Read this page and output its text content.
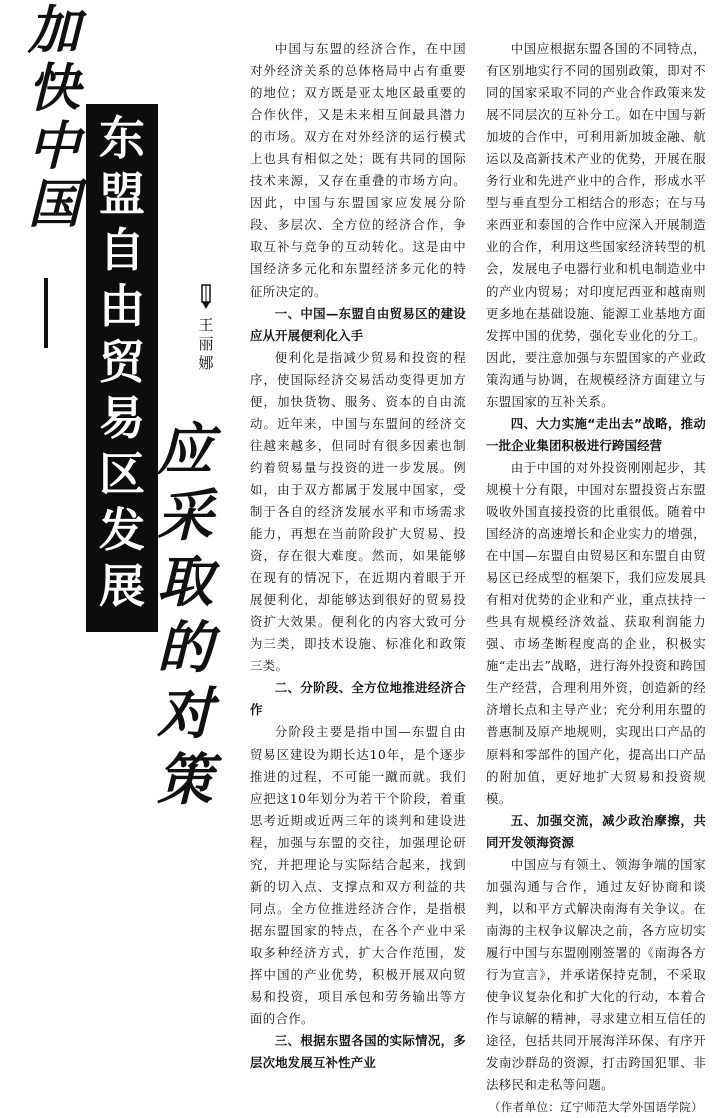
加
快
中
国
东
盟
自
由
贸
易
区
发
展
应
采
取
的
对
策
王
丽
娜

中国与东盟的经济合作，在中国对外经济关系的总体格局中占有重要的地位；双方既是亚太地区最重要的合作伙伴，又是未来相互间最具潜力的市场。双方在对外经济的运行模式上也具有相似之处；既有共同的国际技术来源，又存在重叠的市场方向。因此，中国与东盟国家应发展分阶段、多层次、全方位的经济合作，争取互补与竞争的互动转化。这是由中国经济多元化和东盟经济多元化的特征所决定的。

一、中国—东盟自由贸易区的建设应从开展便利化入手

便利化是指减少贸易和投资的程序，使国际经济交易活动变得更加方便，加快货物、服务、资本的自由流动。近年来，中国与东盟间的经济交往越来越多，但同时有很多因素也制约着贸易量与投资的进一步发展。例如，由于双方都属于发展中国家，受制于各自的经济发展水平和市场需求能力，再想在当前阶段扩大贸易、投资，存在很大难度。然而，如果能够在现有的情况下，在近期内着眼于开展便利化，却能够达到很好的贸易投资扩大效果。便利化的内容大致可分为三类，即技术设施、标准化和政策三类。

二、分阶段、全方位地推进经济合作

分阶段主要是指中国—东盟自由贸易区建设为期长达10年，是个逐步推进的过程，不可能一蹴而就。我们应把这10年划分为若干个阶段，着重思考近期或近两三年的谈判和建设进程，加强与东盟的交往，加强理论研究，并把理论与实际结合起来，找到新的切入点、支撑点和双方利益的共同点。全方位推进经济合作，是指根据东盟国家的特点，在各个产业中采取多种经济方式，扩大合作范围，发挥中国的产业优势，积极开展双向贸易和投资，项目承包和劳务输出等方面的合作。

三、根据东盟各国的实际情况，多层次地发展互补性产业

中国应根据东盟各国的不同特点，有区别地实行不同的国别政策，即对不同的国家采取不同的产业合作政策来发展不同层次的互补分工。如在中国与新加坡的合作中，可利用新加坡金融、航运以及高新技术产业的优势，开展在服务行业和先进产业中的合作，形成水平型与垂直型分工相结合的形态；在与马来西亚和泰国的合作中应深入开展制造业的合作，利用这些国家经济转型的机会，发展电子电器行业和机电制造业中的产业内贸易；对印度尼西亚和越南则更多地在基础设施、能源工业基地方面发挥中国的优势，强化专业化的分工。因此，要注意加强与东盟国家的产业政策沟通与协调，在规模经济方面建立与东盟国家的互补关系。

四、大力实施“走出去”战略，推动一批企业集团积极进行跨国经营

由于中国的对外投资刚刚起步，其规模十分有限，中国对东盟投资占东盟吸收外国直接投资的比重很低。随着中国经济的高速增长和企业实力的增强，在中国—东盟自由贸易区和东盟自由贸易区已经成型的框架下，我们应发展具有相对优势的企业和产业，重点扶持一些具有规模经济效益、获取利润能力强、市场垄断程度高的企业，积极实施“走出去”战略，进行海外投资和跨国生产经营，合理利用外资，创造新的经济增长点和主导产业；充分利用东盟的普惠制及原产地规则，实现出口产品的原料和零部件的国产化，提高出口产品的附加值，更好地扩大贸易和投资规模。

五、加强交流，减少政治摩擦，共同开发领海资源

中国应与有领土、领海争端的国家加强沟通与合作，通过友好协商和谈判，以和平方式解决南海有关争议。在南海的主权争议解决之前，各方应切实履行中国与东盟刚刚签署的《南海各方行为宣言》，并承诺保持克制，不采取使争议复杂化和扩大化的行动，本着合作与谅解的精神，寻求建立相互信任的途径，包括共同开展海洋环保、有序开发南沙群岛的资源，打击跨国犯罪、非法移民和走私等问题。

（作者单位：辽宁师范大学外国语学院）
